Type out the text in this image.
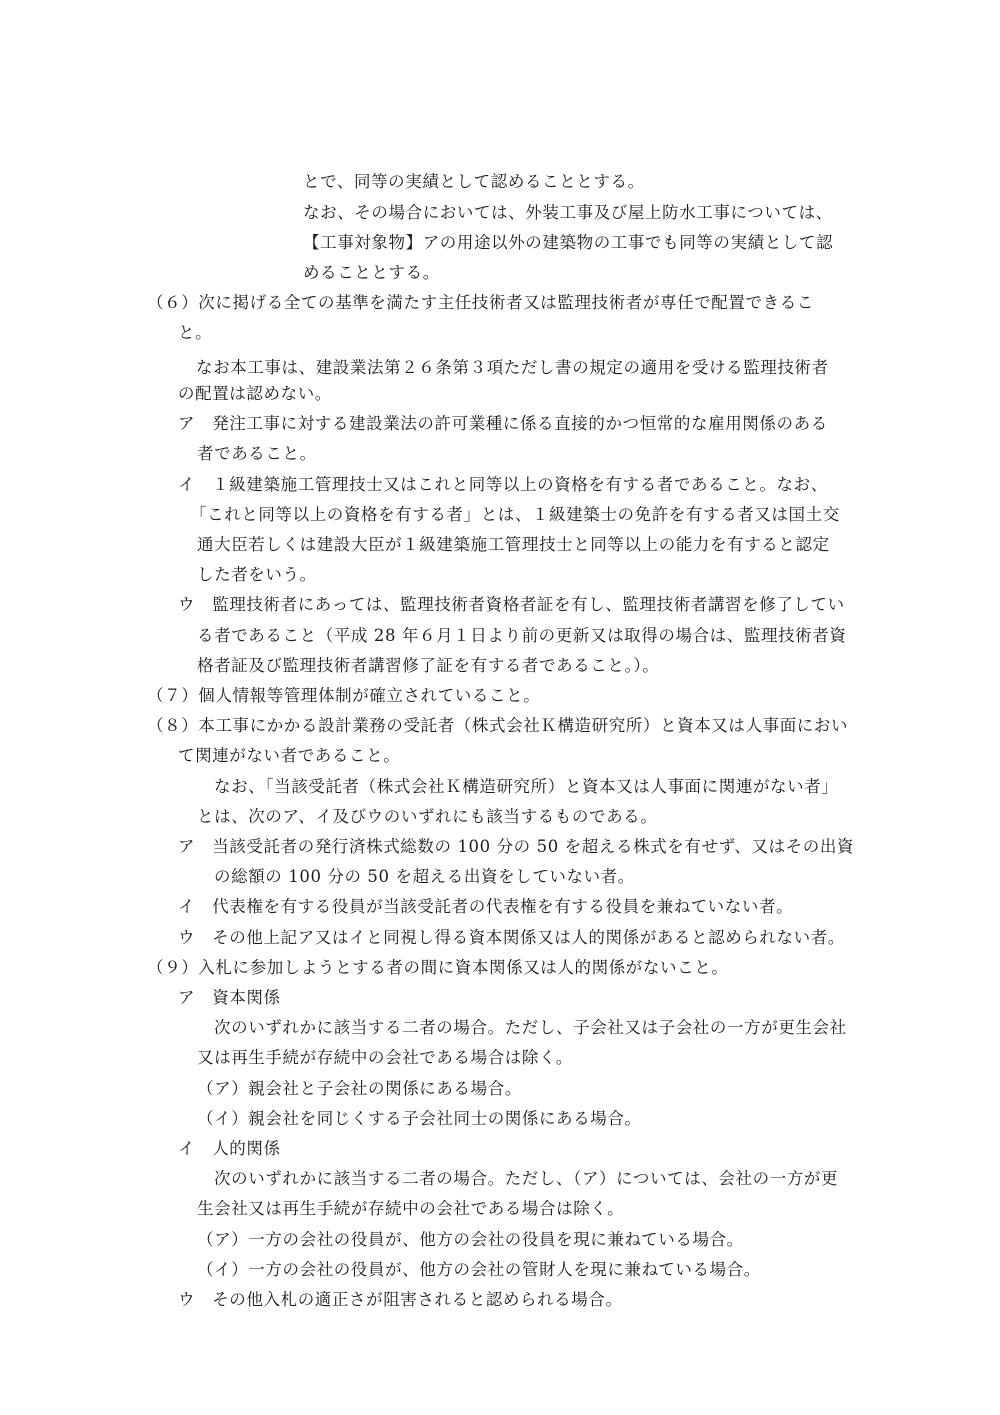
とで、同等の実績として認めることとする。
なお、その場合においては、外装工事及び屋上防水工事については、
【工事対象物】アの用途以外の建築物の工事でも同等の実績として認
めることとする。
（６）次に掲げる全ての基準を満たす主任技術者又は監理技術者が専任で配置できるこ
と。
なお本工事は、建設業法第２６条第３項ただし書の規定の適用を受ける監理技術者
の配置は認めない。
ア　発注工事に対する建設業法の許可業種に係る直接的かつ恒常的な雇用関係のある
者であること。
イ　１級建築施工管理技士又はこれと同等以上の資格を有する者であること。なお、
「これと同等以上の資格を有する者」とは、１級建築士の免許を有する者又は国土交
通大臣若しくは建設大臣が１級建築施工管理技士と同等以上の能力を有すると認定
した者をいう。
ウ　監理技術者にあっては、監理技術者資格者証を有し、監理技術者講習を修了してい
る者であること（平成 28 年６月１日より前の更新又は取得の場合は、監理技術者資
格者証及び監理技術者講習修了証を有する者であること。）。
（７）個人情報等管理体制が確立されていること。
（８）本工事にかかる設計業務の受託者（株式会社Ｋ構造研究所）と資本又は人事面におい
て関連がない者であること。
なお、「当該受託者（株式会社Ｋ構造研究所）と資本又は人事面に関連がない者」
とは、次のア、イ及びウのいずれにも該当するものである。
ア　当該受託者の発行済株式総数の 100 分の 50 を超える株式を有せず、又はその出資
の総額の 100 分の 50 を超える出資をしていない者。
イ　代表権を有する役員が当該受託者の代表権を有する役員を兼ねていない者。
ウ　その他上記ア又はイと同視し得る資本関係又は人的関係があると認められない者。
（９）入札に参加しようとする者の間に資本関係又は人的関係がないこと。
ア　資本関係
次のいずれかに該当する二者の場合。ただし、子会社又は子会社の一方が更生会社
又は再生手続が存続中の会社である場合は除く。
（ア）親会社と子会社の関係にある場合。
（イ）親会社を同じくする子会社同士の関係にある場合。
イ　人的関係
次のいずれかに該当する二者の場合。ただし、（ア）については、会社の一方が更
生会社又は再生手続が存続中の会社である場合は除く。
（ア）一方の会社の役員が、他方の会社の役員を現に兼ねている場合。
（イ）一方の会社の役員が、他方の会社の管財人を現に兼ねている場合。
ウ　その他入札の適正さが阻害されると認められる場合。
